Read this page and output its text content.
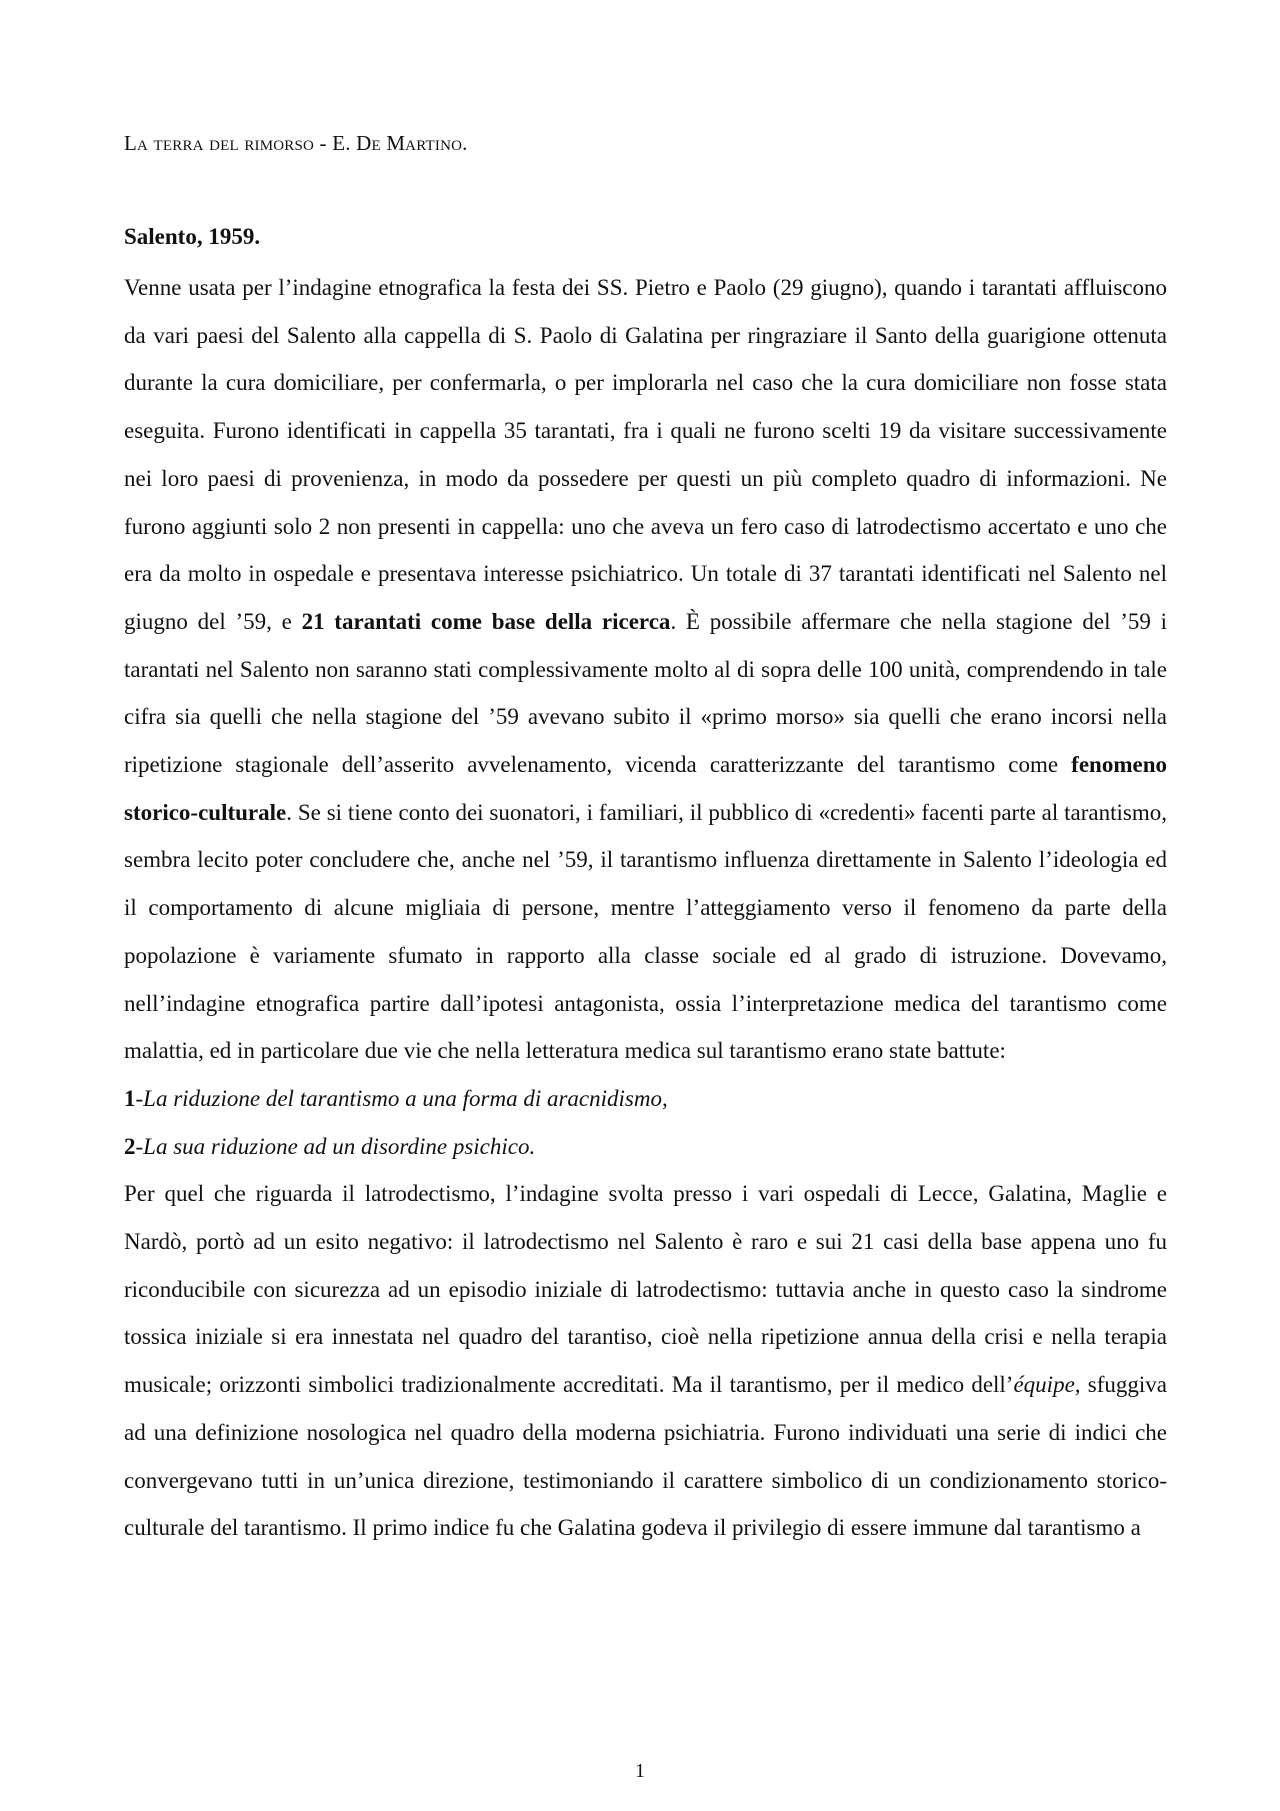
La terra del rimorso - E. De Martino.
Salento, 1959.

Venne usata per l’indagine etnografica la festa dei SS. Pietro e Paolo (29 giugno), quando i tarantati affluiscono da vari paesi del Salento alla cappella di S. Paolo di Galatina per ringraziare il Santo della guarigione ottenuta durante la cura domiciliare, per confermarla, o per implorarla nel caso che la cura domiciliare non fosse stata eseguita. Furono identificati in cappella 35 tarantati, fra i quali ne furono scelti 19 da visitare successivamente nei loro paesi di provenienza, in modo da possedere per questi un più completo quadro di informazioni. Ne furono aggiunti solo 2 non presenti in cappella: uno che aveva un fero caso di latrodectismo accertato e uno che era da molto in ospedale e presentava interesse psichiatrico. Un totale di 37 tarantati identificati nel Salento nel giugno del ’59, e 21 tarantati come base della ricerca. È possibile affermare che nella stagione del ’59 i tarantati nel Salento non saranno stati complessivamente molto al di sopra delle 100 unità, comprendendo in tale cifra sia quelli che nella stagione del ’59 avevano subito il «primo morso» sia quelli che erano incorsi nella ripetizione stagionale dell’asserito avvelenamento, vicenda caratterizzante del tarantismo come fenomeno storico-culturale. Se si tiene conto dei suonatori, i familiari, il pubblico di «credenti» facenti parte al tarantismo, sembra lecito poter concludere che, anche nel ’59, il tarantismo influenza direttamente in Salento l’ideologia ed il comportamento di alcune migliaia di persone, mentre l’atteggiamento verso il fenomeno da parte della popolazione è variamente sfumato in rapporto alla classe sociale ed al grado di istruzione. Dovevamo, nell’indagine etnografica partire dall’ipotesi antagonista, ossia l’interpretazione medica del tarantismo come malattia, ed in particolare due vie che nella letteratura medica sul tarantismo erano state battute:

1-La riduzione del tarantismo a una forma di aracnidismo,

2-La sua riduzione ad un disordine psichico.

Per quel che riguarda il latrodectismo, l’indagine svolta presso i vari ospedali di Lecce, Galatina, Maglie e Nardò, portò ad un esito negativo: il latrodectismo nel Salento è raro e sui 21 casi della base appena uno fu riconducibile con sicurezza ad un episodio iniziale di latrodectismo: tuttavia anche in questo caso la sindrome tossica iniziale si era innestata nel quadro del tarantiso, cioè nella ripetizione annua della crisi e nella terapia musicale; orizzonti simbolici tradizionalmente accreditati. Ma il tarantismo, per il medico dell’équipe, sfuggiva ad una definizione nosologica nel quadro della moderna psichiatria. Furono individuati una serie di indici che convergevano tutti in un’unica direzione, testimoniando il carattere simbolico di un condizionamento storico-culturale del tarantismo. Il primo indice fu che Galatina godeva il privilegio di essere immune dal tarantismo a

1
